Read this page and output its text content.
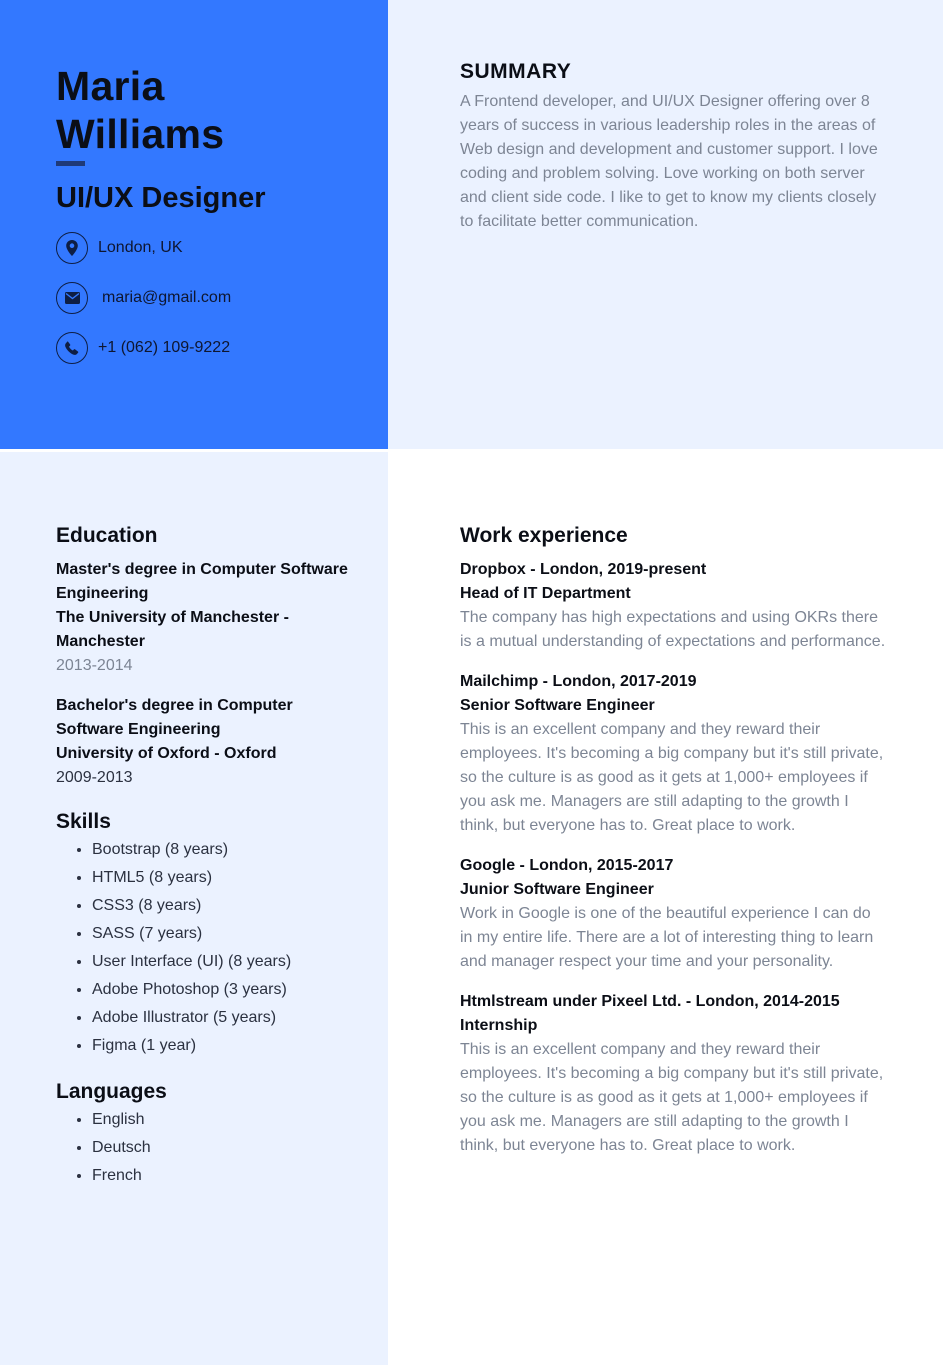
Maria
Williams
UI/UX Designer
London, UK
maria@gmail.com
+1 (062) 109-9222
SUMMARY

A Frontend developer, and UI/UX Designer offering over 8 years of success in various leadership roles in the areas of Web design and development and customer support. I love coding and problem solving. Love working on both server and client side code. I like to get to know my clients closely to facilitate better communication.

Education
Master's degree in Computer Software Engineering
The University of Manchester - Manchester
2013-2014
Bachelor's degree in Computer Software Engineering
University of Oxford - Oxford
2009-2013
Skills
• Bootstrap (8 years)
• HTML5 (8 years)
• CSS3 (8 years)
• SASS (7 years)
• User Interface (UI) (8 years)
• Adobe Photoshop (3 years)
• Adobe Illustrator (5 years)
• Figma (1 year)
Languages
• English
• Deutsch
• French
Work experience
Dropbox - London, 2019-present
Head of IT Department
The company has high expectations and using OKRs there is a mutual understanding of expectations and performance.
Mailchimp - London, 2017-2019
Senior Software Engineer
This is an excellent company and they reward their employees. It's becoming a big company but it's still private, so the culture is as good as it gets at 1,000+ employees if you ask me. Managers are still adapting to the growth I think, but everyone has to. Great place to work.
Google - London, 2015-2017
Junior Software Engineer
Work in Google is one of the beautiful experience I can do in my entire life. There are a lot of interesting thing to learn and manager respect your time and your personality.
Htmlstream under Pixeel Ltd. - London, 2014-2015
Internship
This is an excellent company and they reward their employees. It's becoming a big company but it's still private, so the culture is as good as it gets at 1,000+ employees if you ask me. Managers are still adapting to the growth I think, but everyone has to. Great place to work.
